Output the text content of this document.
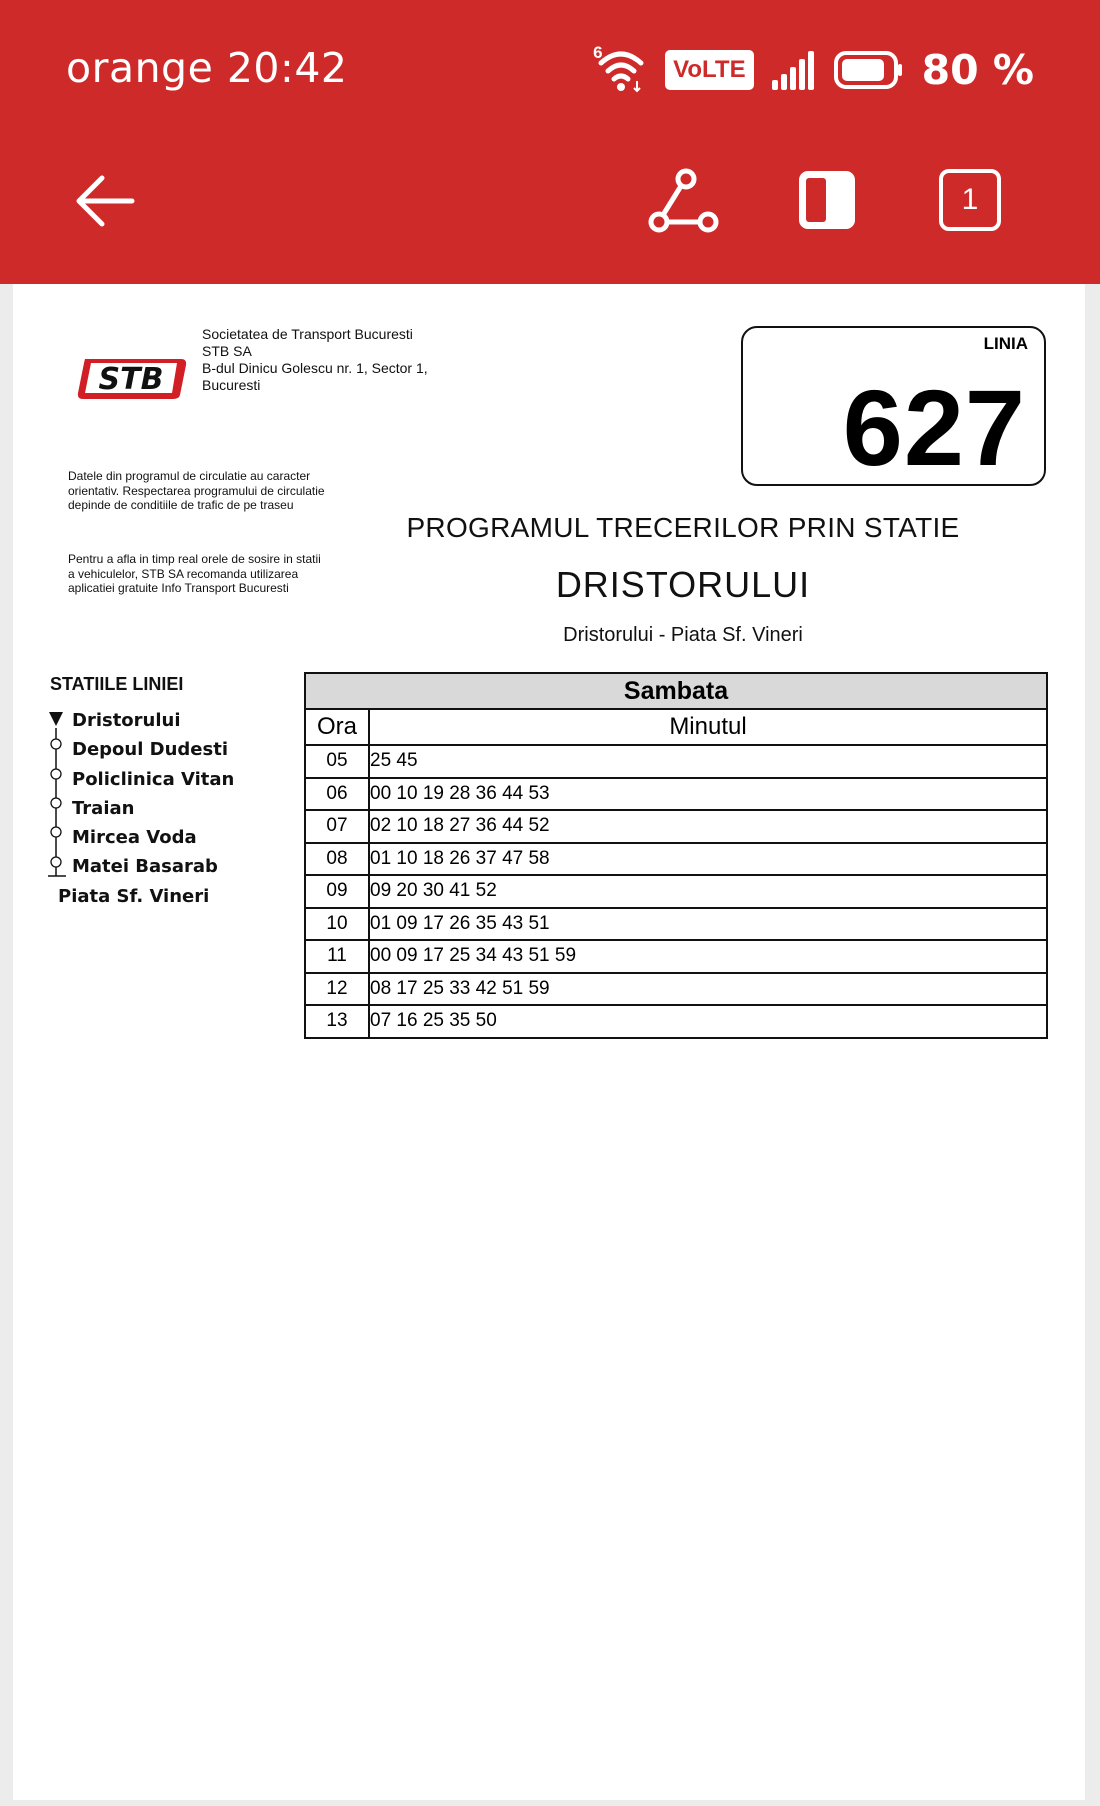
orange 20:42	6
VoLTE	80 %
1
STB
Societatea de Transport Bucuresti
STB SA
B-dul Dinicu Golescu nr. 1, Sector 1,
Bucuresti
Datele din programul de circulatie au caracter orientativ. Respectarea programului de circulatie depinde de conditiile de trafic de pe traseu
Pentru a afla in timp real orele de sosire in statii a vehiculelor, STB SA recomanda utilizarea aplicatiei gratuite Info Transport Bucuresti
LINIA
627
PROGRAMUL TRECERILOR PRIN STATIE
DRISTORULUI
Dristorului - Piata Sf. Vineri
STATIILE LINIEI
Dristorului
Depoul Dudesti
Policlinica Vitan
Traian
Mircea Voda
Matei Basarab
Piata Sf. Vineri
Sambata
Ora	Minutul
05	25 45
06	00 10 19 28 36 44 53
07	02 10 18 27 36 44 52
08	01 10 18 26 37 47 58
09	09 20 30 41 52
10	01 09 17 26 35 43 51
11	00 09 17 25 34 43 51 59
12	08 17 25 33 42 51 59
13	07 16 25 35 50
